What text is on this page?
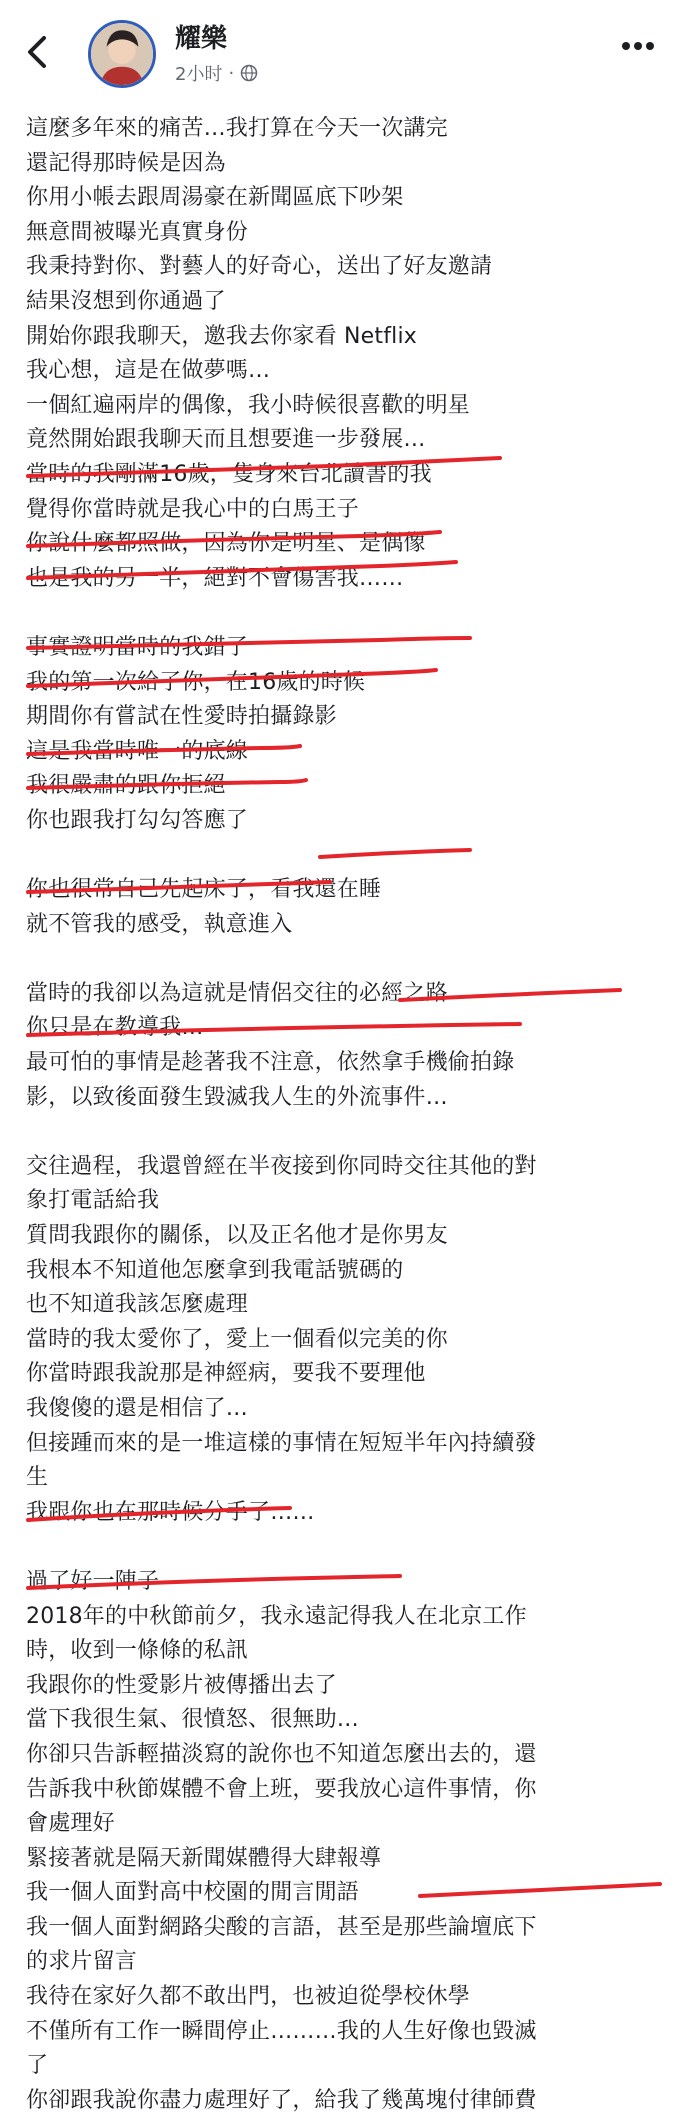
耀樂
2小时 ·
這麼多年來的痛苦…我打算在今天一次講完
還記得那時候是因為
你用小帳去跟周湯豪在新聞區底下吵架
無意間被曝光真實身份
我秉持對你、對藝人的好奇心，送出了好友邀請
結果沒想到你通過了
開始你跟我聊天，邀我去你家看 Netflix
我心想，這是在做夢嗎…
一個紅遍兩岸的偶像，我小時候很喜歡的明星
竟然開始跟我聊天而且想要進一步發展…
當時的我剛滿16歲，隻身來台北讀書的我
覺得你當時就是我心中的白馬王子
你說什麼都照做，因為你是明星、是偶像
也是我的另一半，絕對不會傷害我……
事實證明當時的我錯了
我的第一次給了你，在16歲的時候
期間你有嘗試在性愛時拍攝錄影
這是我當時唯一的底線
我很嚴肅的跟你拒絕
你也跟我打勾勾答應了
你也很常自己先起床了，看我還在睡
就不管我的感受，執意進入
當時的我卻以為這就是情侶交往的必經之路
你只是在教導我…
最可怕的事情是趁著我不注意，依然拿手機偷拍錄
影，以致後面發生毀滅我人生的外流事件…
交往過程，我還曾經在半夜接到你同時交往其他的對
象打電話給我
質問我跟你的關係，以及正名他才是你男友
我根本不知道他怎麼拿到我電話號碼的
也不知道我該怎麼處理
當時的我太愛你了，愛上一個看似完美的你
你當時跟我說那是神經病，要我不要理他
我傻傻的還是相信了…
但接踵而來的是一堆這樣的事情在短短半年內持續發
生
我跟你也在那時候分手了……
過了好一陣子
2018年的中秋節前夕，我永遠記得我人在北京工作
時，收到一條條的私訊
我跟你的性愛影片被傳播出去了
當下我很生氣、很憤怒、很無助…
你卻只告訴輕描淡寫的說你也不知道怎麼出去的，還
告訴我中秋節媒體不會上班，要我放心這件事情，你
會處理好
緊接著就是隔天新聞媒體得大肆報導
我一個人面對高中校園的閒言閒語
我一個人面對網路尖酸的言語，甚至是那些論壇底下
的求片留言
我待在家好久都不敢出門，也被迫從學校休學
不僅所有工作一瞬間停止………我的人生好像也毀滅
了
你卻跟我說你盡力處理好了，給我了幾萬塊付律師費
